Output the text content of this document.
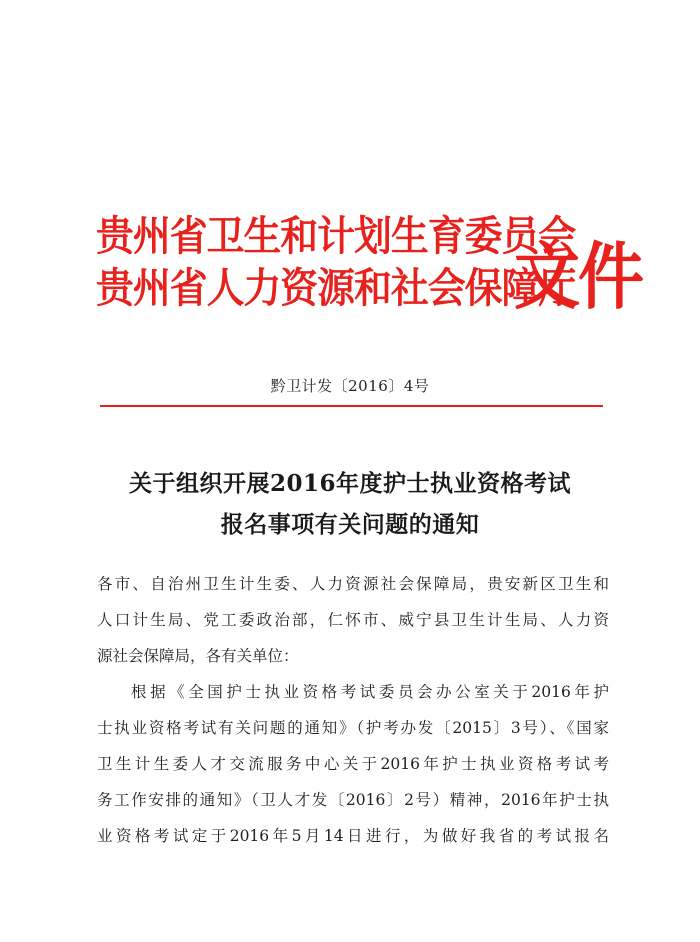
贵州省卫生和计划生育委员会
贵州省人力资源和社会保障厅
文件
黔卫计发〔2016〕4号
关于组织开展2016年度护士执业资格考试
报名事项有关问题的通知
各市、自治州卫生计生委、人力资源社会保障局，贵安新区卫生和
人口计生局、党工委政治部，仁怀市、威宁县卫生计生局、人力资
源社会保障局，各有关单位：
根据《全国护士执业资格考试委员会办公室关于2016年护
士执业资格考试有关问题的通知》（护考办发〔2015〕3号）、《国家
卫生计生委人才交流服务中心关于2016年护士执业资格考试考
务工作安排的通知》（卫人才发〔2016〕2号）精神，2016年护士执
业资格考试定于2016年5月14日进行，为做好我省的考试报名
